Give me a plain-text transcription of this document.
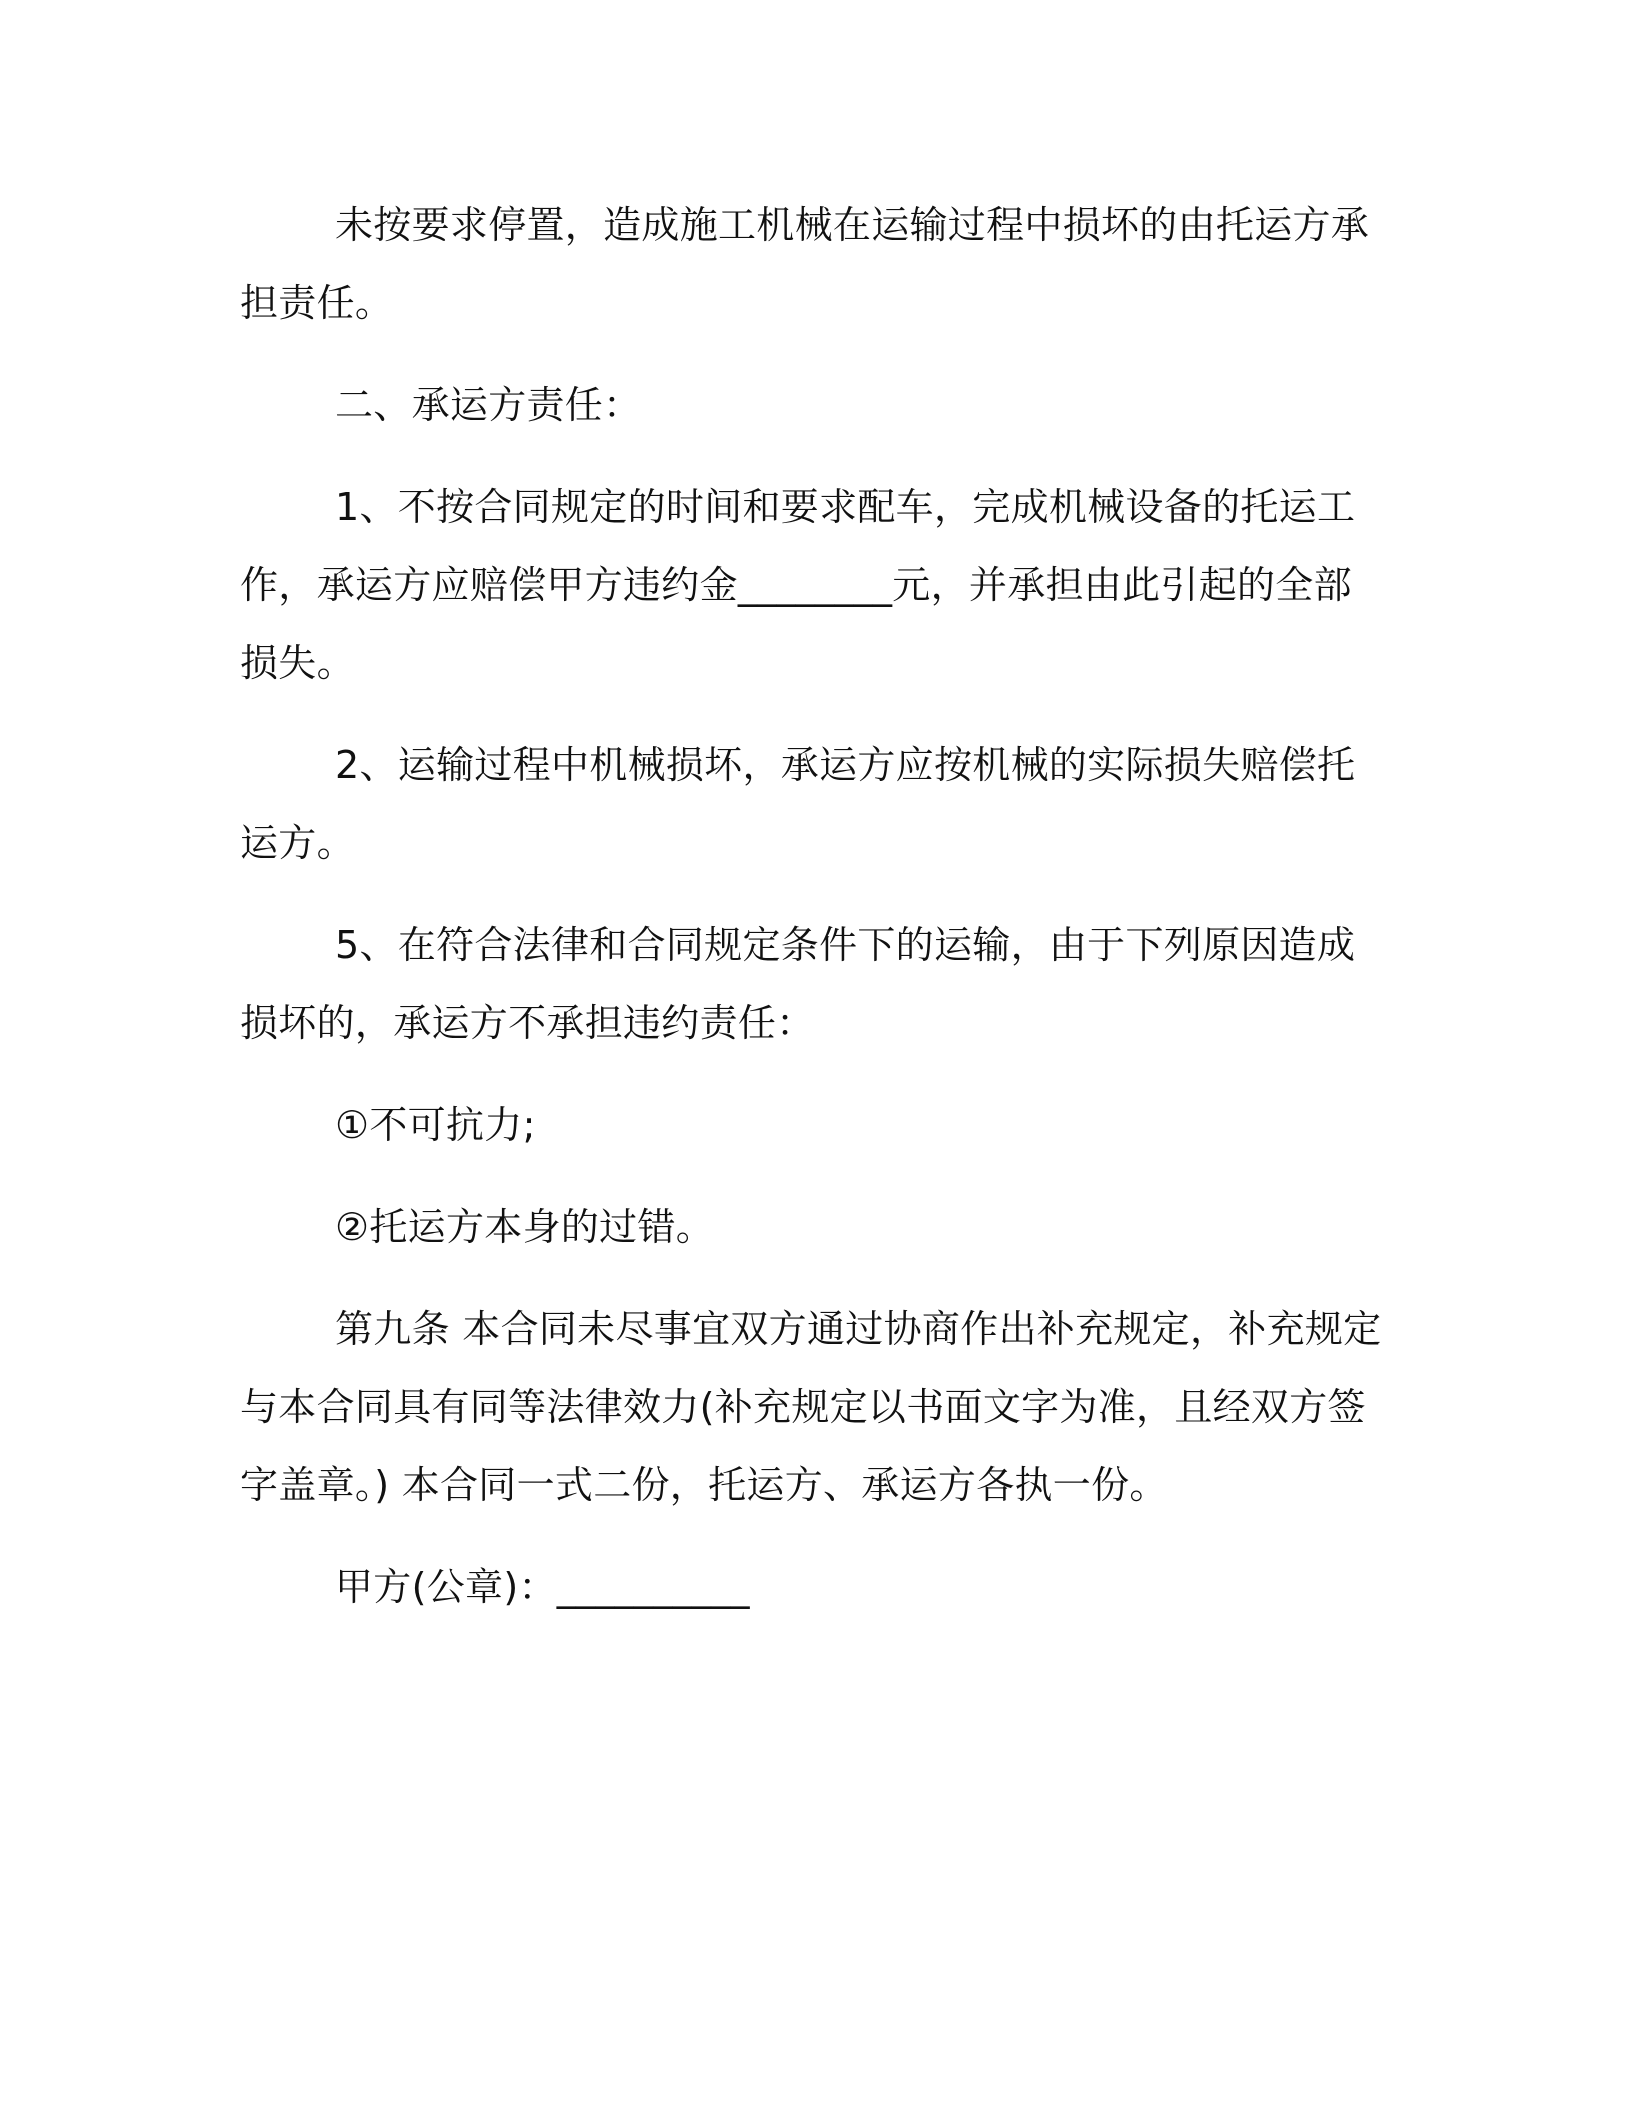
未按要求停置，造成施工机械在运输过程中损坏的由托运方承担责任。

二、承运方责任：

1、不按合同规定的时间和要求配车，完成机械设备的托运工作，承运方应赔偿甲方违约金________元，并承担由此引起的全部损失。

2、运输过程中机械损坏，承运方应按机械的实际损失赔偿托运方。

5、在符合法律和合同规定条件下的运输，由于下列原因造成损坏的，承运方不承担违约责任：

①不可抗力;

②托运方本身的过错。

第九条 本合同未尽事宜双方通过协商作出补充规定，补充规定与本合同具有同等法律效力(补充规定以书面文字为准，且经双方签字盖章。) 本合同一式二份，托运方、承运方各执一份。

甲方(公章)：__________
